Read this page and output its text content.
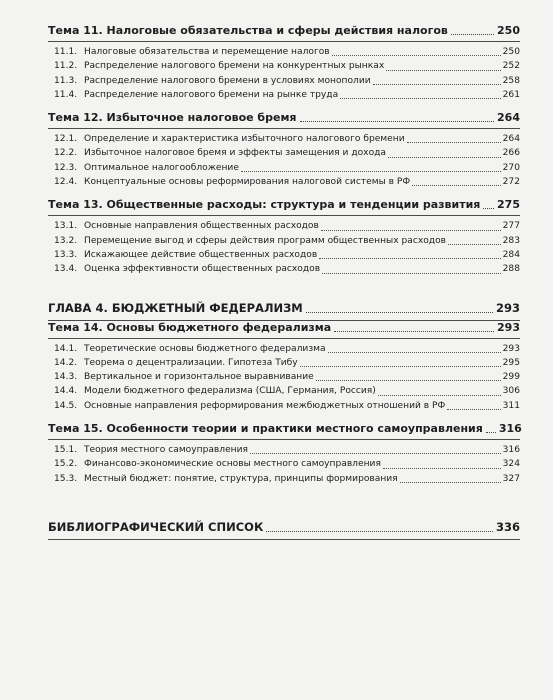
Тема 11. Налоговые обязательства и сферы действия налогов	250
11.1. Налоговые обязательства и перемещение налогов	250
11.2. Распределение налогового бремени на конкурентных рынках	252
11.3. Распределение налогового бремени в условиях монополии	258
11.4. Распределение налогового бремени на рынке труда	261
Тема 12. Избыточное налоговое бремя	264
12.1. Определение и характеристика избыточного налогового бремени	264
12.2. Избыточное налоговое бремя и эффекты замещения и дохода	266
12.3. Оптимальное налогообложение	270
12.4. Концептуальные основы реформирования налоговой системы в РФ	272
Тема 13. Общественные расходы: структура и тенденции развития 275
13.1. Основные направления общественных расходов	277
13.2. Перемещение выгод и сферы действия программ общественных расходов	283
13.3. Искажающее действие общественных расходов	284
13.4. Оценка эффективности общественных расходов	288
ГЛАВА 4. БЮДЖЕТНЫЙ ФЕДЕРАЛИЗМ	293
Тема 14. Основы бюджетного федерализма	293
14.1. Теоретические основы бюджетного федерализма	293
14.2. Теорема о децентрализации. Гипотеза Тибу	295
14.3. Вертикальное и горизонтальное выравнивание	299
14.4. Модели бюджетного федерализма (США, Германия, Россия)	306
14.5. Основные направления реформирования межбюджетных отношений в РФ	311
Тема 15. Особенности теории и практики местного самоуправления 316
15.1. Теория местного самоуправления	316
15.2. Финансово-экономические основы местного самоуправления	324
15.3. Местный бюджет: понятие, структура, принципы формирования	327
БИБЛИОГРАФИЧЕСКИЙ СПИСОК	336
